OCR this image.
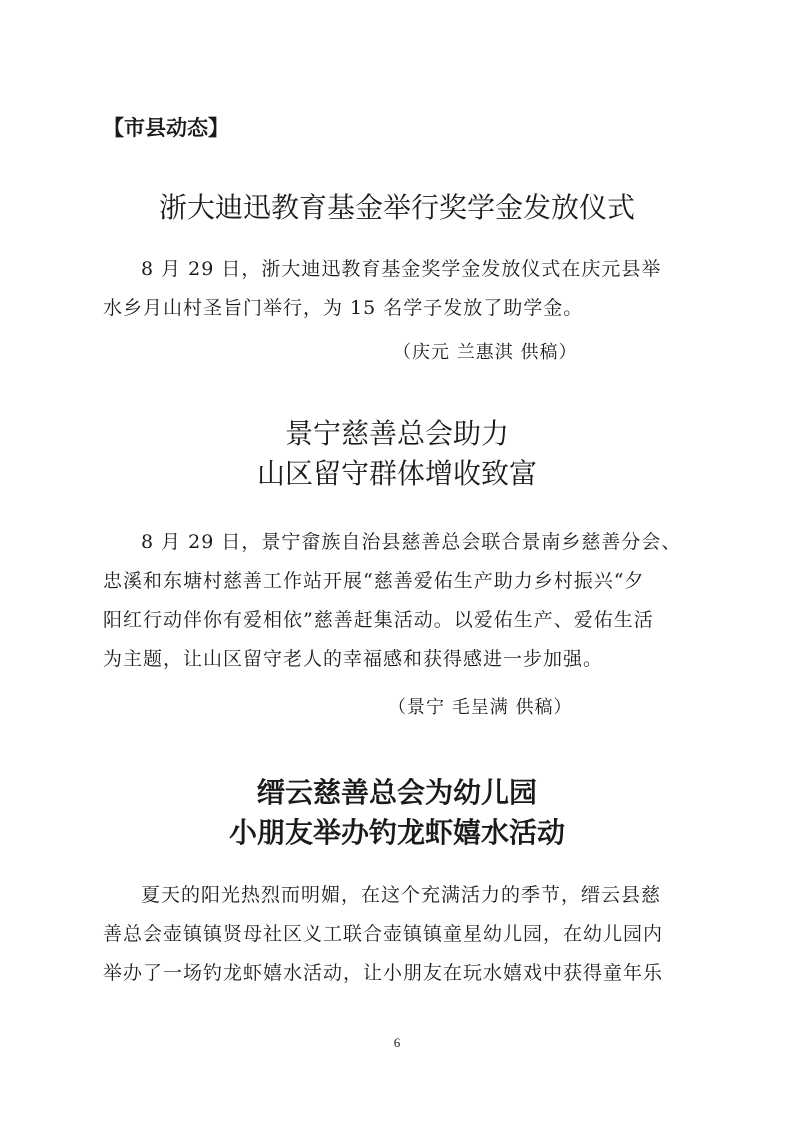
【市县动态】
浙大迪迅教育基金举行奖学金发放仪式
8 月 29 日，浙大迪迅教育基金奖学金发放仪式在庆元县举
水乡月山村圣旨门举行，为 15 名学子发放了助学金。
（庆元 兰惠淇 供稿）
景宁慈善总会助力
山区留守群体增收致富
8 月 29 日，景宁畲族自治县慈善总会联合景南乡慈善分会、
忠溪和东塘村慈善工作站开展“慈善爱佑生产助力乡村振兴“夕
阳红行动伴你有爱相依”慈善赶集活动。以爱佑生产、爱佑生活
为主题，让山区留守老人的幸福感和获得感进一步加强。
（景宁 毛呈满 供稿）
缙云慈善总会为幼儿园
小朋友举办钓龙虾嬉水活动
夏天的阳光热烈而明媚，在这个充满活力的季节，缙云县慈
善总会壶镇镇贤母社区义工联合壶镇镇童星幼儿园，在幼儿园内
举办了一场钓龙虾嬉水活动，让小朋友在玩水嬉戏中获得童年乐
6
